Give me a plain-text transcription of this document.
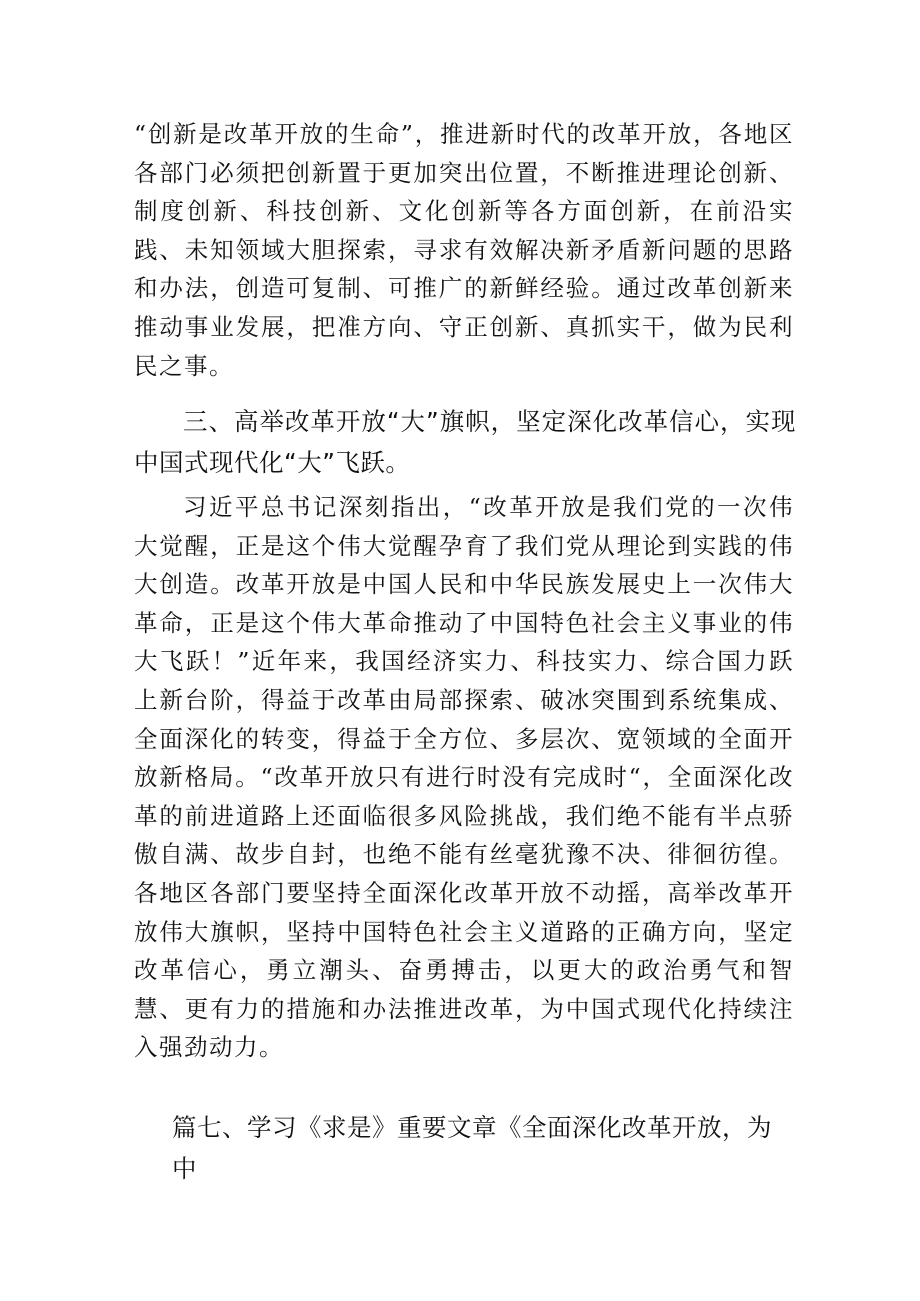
“创新是改革开放的生命”，推进新时代的改革开放，各地区各部门必须把创新置于更加突出位置，不断推进理论创新、制度创新、科技创新、文化创新等各方面创新，在前沿实践、未知领域大胆探索，寻求有效解决新矛盾新问题的思路和办法，创造可复制、可推广的新鲜经验。通过改革创新来推动事业发展，把准方向、守正创新、真抓实干，做为民利民之事。

三、高举改革开放“大”旗帜，坚定深化改革信心，实现中国式现代化“大”飞跃。

习近平总书记深刻指出，“改革开放是我们党的一次伟大觉醒，正是这个伟大觉醒孕育了我们党从理论到实践的伟大创造。改革开放是中国人民和中华民族发展史上一次伟大革命，正是这个伟大革命推动了中国特色社会主义事业的伟大飞跃！”近年来，我国经济实力、科技实力、综合国力跃上新台阶，得益于改革由局部探索、破冰突围到系统集成、全面深化的转变，得益于全方位、多层次、宽领域的全面开放新格局。“改革开放只有进行时没有完成时“，全面深化改革的前进道路上还面临很多风险挑战，我们绝不能有半点骄傲自满、故步自封，也绝不能有丝毫犹豫不决、徘徊彷徨。各地区各部门要坚持全面深化改革开放不动摇，高举改革开放伟大旗帜，坚持中国特色社会主义道路的正确方向，坚定改革信心，勇立潮头、奋勇搏击，以更大的政治勇气和智慧、更有力的措施和办法推进改革，为中国式现代化持续注入强劲动力。

篇七、学习《求是》重要文章《全面深化改革开放，为中
